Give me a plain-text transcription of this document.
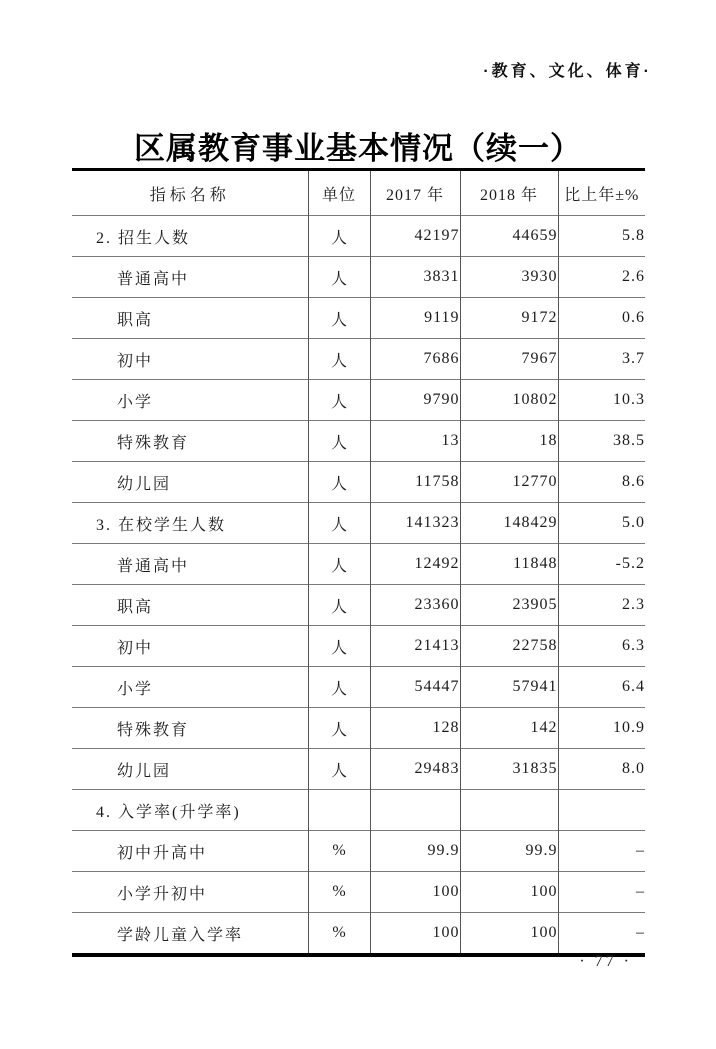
·教育、文化、体育·
区属教育事业基本情况（续一）
指标名称	单位	2017 年	2018 年	比上年±%
2. 招生人数	人	42197	44659	5.8
普通高中	人	3831	3930	2.6
职高	人	9119	9172	0.6
初中	人	7686	7967	3.7
小学	人	9790	10802	10.3
特殊教育	人	13	18	38.5
幼儿园	人	11758	12770	8.6
3. 在校学生人数	人	141323	148429	5.0
普通高中	人	12492	11848	-5.2
职高	人	23360	23905	2.3
初中	人	21413	22758	6.3
小学	人	54447	57941	6.4
特殊教育	人	128	142	10.9
幼儿园	人	29483	31835	8.0
4. 入学率(升学率)				
初中升高中	%	99.9	99.9	–
小学升初中	%	100	100	–
学龄儿童入学率	%	100	100	–
· 77 ·
